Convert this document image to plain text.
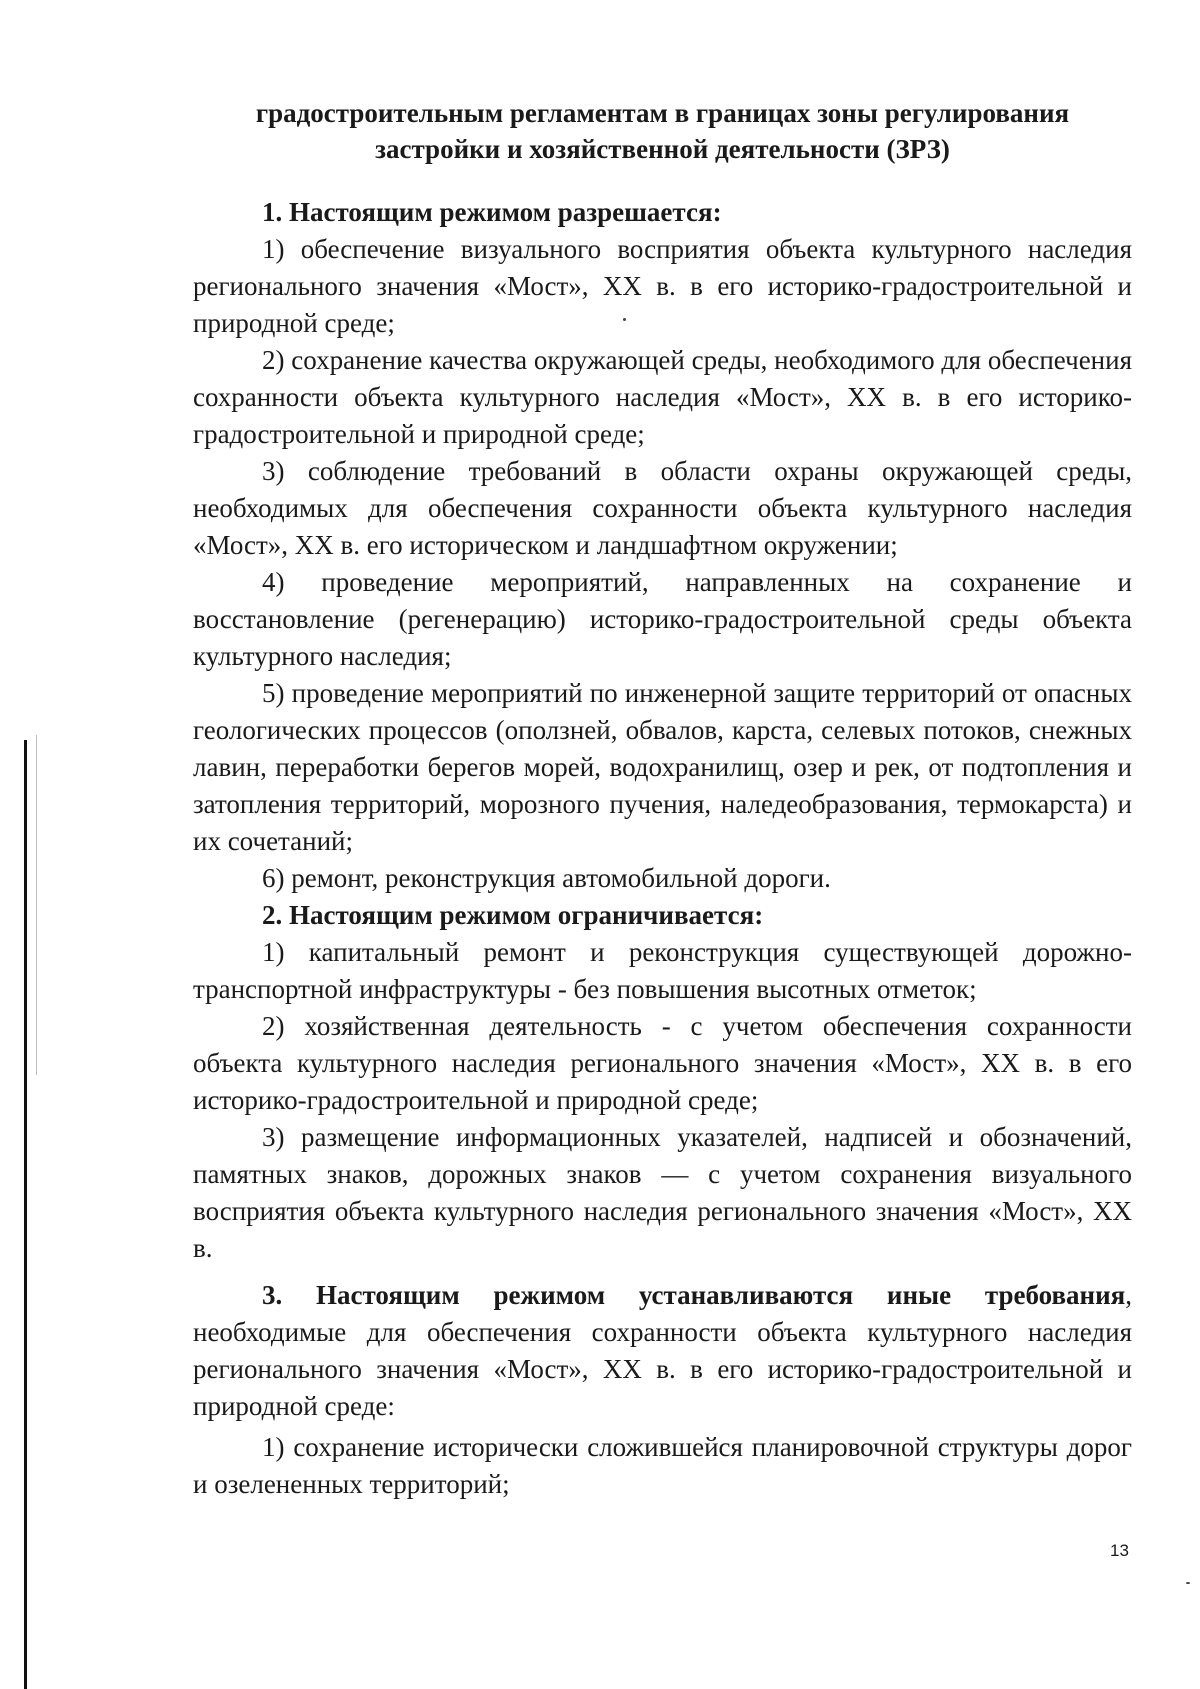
градостроительным регламентам в границах зоны регулирования
застройки и хозяйственной деятельности (ЗРЗ)

1. Настоящим режимом разрешается:

1) обеспечение визуального восприятия объекта культурного наследия регионального значения «Мост», XX в. в его историко-градостроительной и природной среде;

2) сохранение качества окружающей среды, необходимого для обеспечения сохранности объекта культурного наследия «Мост», XX в. в его историко-градостроительной и природной среде;

3) соблюдение требований в области охраны окружающей среды, необходимых для обеспечения сохранности объекта культурного наследия «Мост», XX в. его историческом и ландшафтном окружении;

4) проведение мероприятий, направленных на сохранение и восстановление (регенерацию) историко-градостроительной среды объекта культурного наследия;

5) проведение мероприятий по инженерной защите территорий от опасных геологических процессов (оползней, обвалов, карста, селевых потоков, снежных лавин, переработки берегов морей, водохранилищ, озер и рек, от подтопления и затопления территорий, морозного пучения, наледеобразования, термокарста) и их сочетаний;

6) ремонт, реконструкция автомобильной дороги.

2. Настоящим режимом ограничивается:

1) капитальный ремонт и реконструкция существующей дорожно-транспортной инфраструктуры - без повышения высотных отметок;

2) хозяйственная деятельность - с учетом обеспечения сохранности объекта культурного наследия регионального значения «Мост», XX в. в его историко-градостроительной и природной среде;

3) размещение информационных указателей, надписей и обозначений, памятных знаков, дорожных знаков — с учетом сохранения визуального восприятия объекта культурного наследия регионального значения «Мост», XX в.

3. Настоящим режимом устанавливаются иные требования, необходимые для обеспечения сохранности объекта культурного наследия регионального значения «Мост», XX в. в его историко-градостроительной и природной среде:

1) сохранение исторически сложившейся планировочной структуры дорог и озелененных территорий;

13
